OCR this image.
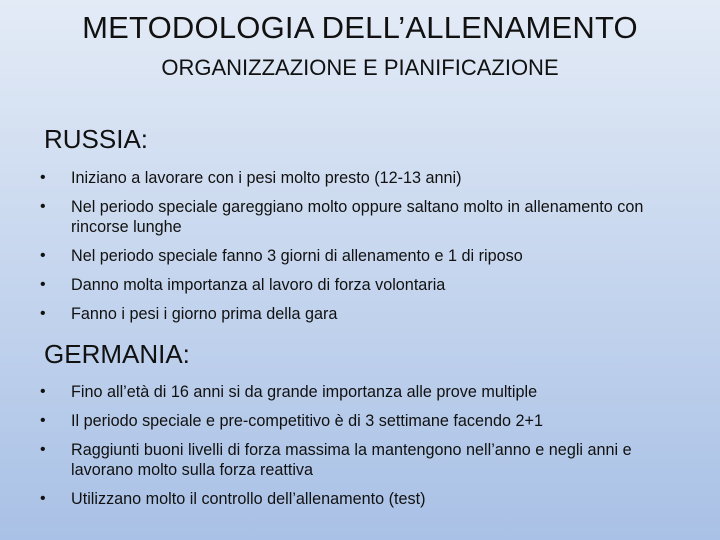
METODOLOGIA DELL’ALLENAMENTO
ORGANIZZAZIONE E PIANIFICAZIONE
RUSSIA:
• Iniziano a lavorare con i pesi molto presto (12-13 anni)
• Nel periodo speciale gareggiano molto oppure saltano molto in allenamento con rincorse lunghe
• Nel periodo speciale fanno 3 giorni di allenamento e 1 di riposo
• Danno molta importanza al lavoro di forza volontaria
• Fanno i pesi i giorno prima della gara
GERMANIA:
• Fino all’età di 16 anni si da grande importanza alle prove multiple
• Il periodo speciale e pre-competitivo è di 3 settimane facendo 2+1
• Raggiunti buoni livelli di forza massima la mantengono nell’anno e negli anni e lavorano molto sulla forza reattiva
• Utilizzano molto il controllo dell’allenamento (test)
